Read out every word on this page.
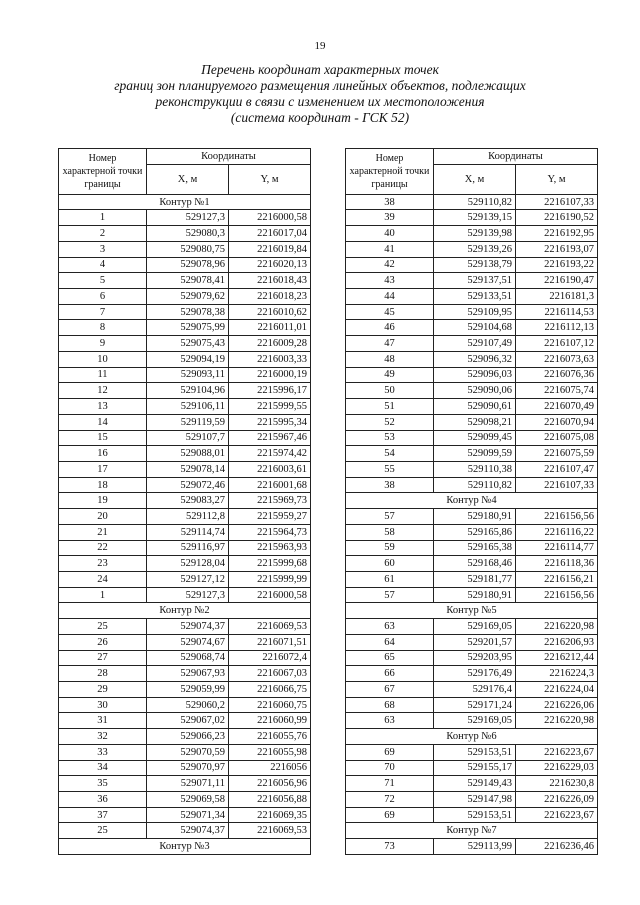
19
Перечень координат характерных точек
границ зон планируемого размещения линейных объектов, подлежащих
реконструкции в связи с изменением их местоположения
(система координат - ГСК 52)
Номер характерной точки границы	Координаты	
	X, м	Y, м
Контур №1		
1	529127,3	2216000,58
2	529080,3	2216017,04
3	529080,75	2216019,84
4	529078,96	2216020,13
5	529078,41	2216018,43
6	529079,62	2216018,23
7	529078,38	2216010,62
8	529075,99	2216011,01
9	529075,43	2216009,28
10	529094,19	2216003,33
11	529093,11	2216000,19
12	529104,96	2215996,17
13	529106,11	2215999,55
14	529119,59	2215995,34
15	529107,7	2215967,46
16	529088,01	2215974,42
17	529078,14	2216003,61
18	529072,46	2216001,68
19	529083,27	2215969,73
20	529112,8	2215959,27
21	529114,74	2215964,73
22	529116,97	2215963,93
23	529128,04	2215999,68
24	529127,12	2215999,99
1	529127,3	2216000,58
Контур №2		
25	529074,37	2216069,53
26	529074,67	2216071,51
27	529068,74	2216072,4
28	529067,93	2216067,03
29	529059,99	2216066,75
30	529060,2	2216060,75
31	529067,02	2216060,99
32	529066,23	2216055,76
33	529070,59	2216055,98
34	529070,97	2216056
35	529071,11	2216056,96
36	529069,58	2216056,88
37	529071,34	2216069,35
25	529074,37	2216069,53
Контур №3		
Номер характерной точки границы	Координаты	
	X, м	Y, м
38	529110,82	2216107,33
39	529139,15	2216190,52
40	529139,98	2216192,95
41	529139,26	2216193,07
42	529138,79	2216193,22
43	529137,51	2216190,47
44	529133,51	2216181,3
45	529109,95	2216114,53
46	529104,68	2216112,13
47	529107,49	2216107,12
48	529096,32	2216073,63
49	529096,03	2216076,36
50	529090,06	2216075,74
51	529090,61	2216070,49
52	529098,21	2216070,94
53	529099,45	2216075,08
54	529099,59	2216075,59
55	529110,38	2216107,47
38	529110,82	2216107,33
Контур №4		
57	529180,91	2216156,56
58	529165,86	2216116,22
59	529165,38	2216114,77
60	529168,46	2216118,36
61	529181,77	2216156,21
57	529180,91	2216156,56
Контур №5		
63	529169,05	2216220,98
64	529201,57	2216206,93
65	529203,95	2216212,44
66	529176,49	2216224,3
67	529176,4	2216224,04
68	529171,24	2216226,06
63	529169,05	2216220,98
Контур №6		
69	529153,51	2216223,67
70	529155,17	2216229,03
71	529149,43	2216230,8
72	529147,98	2216226,09
69	529153,51	2216223,67
Контур №7		
73	529113,99	2216236,46
